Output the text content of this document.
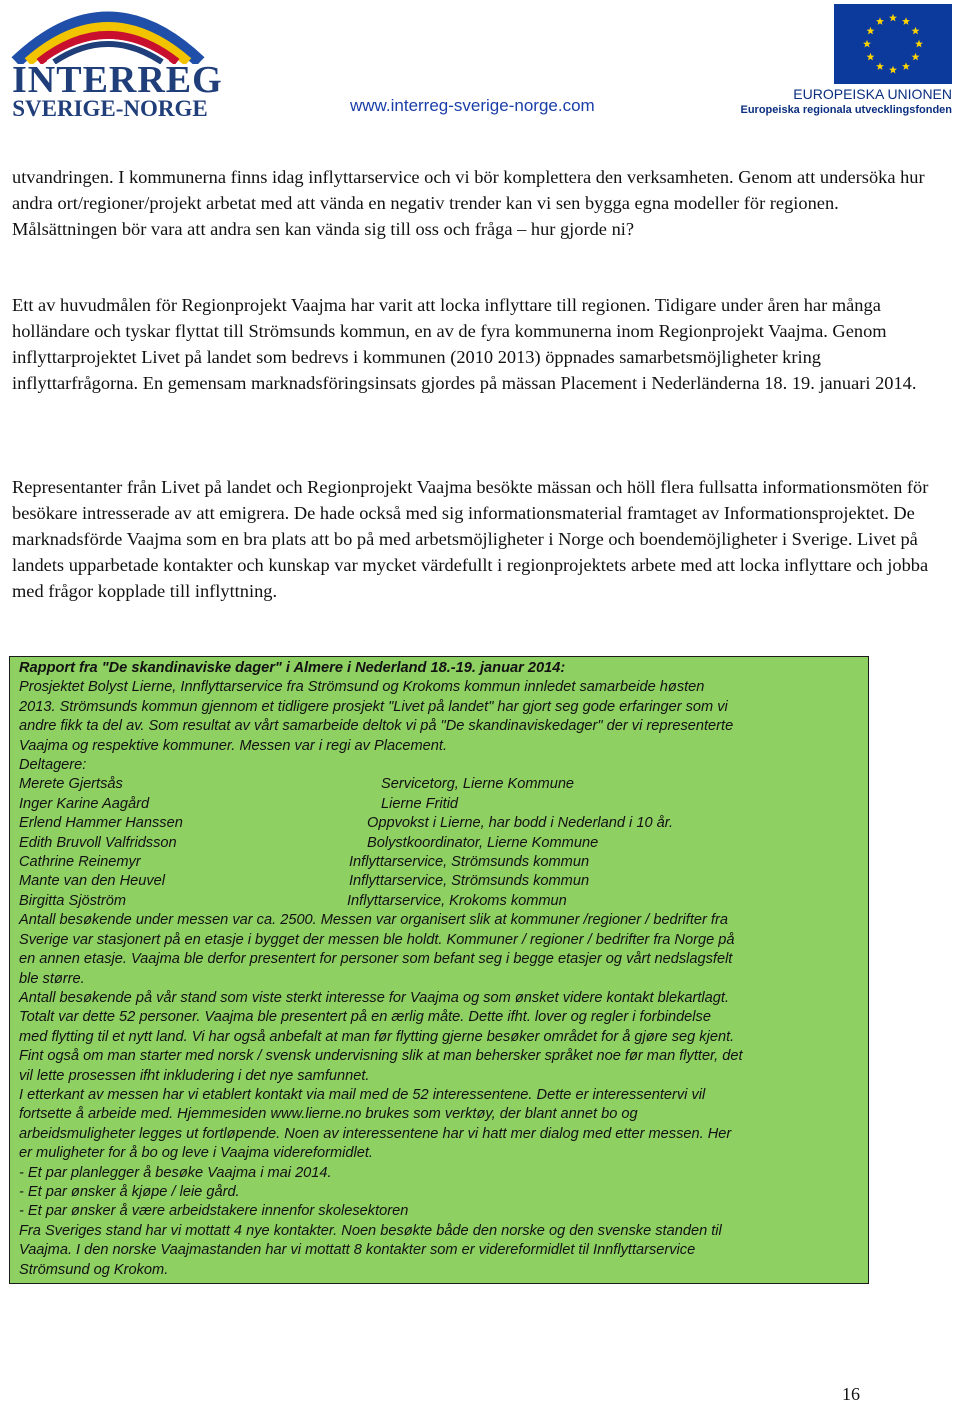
INTERREG
SVERIGE-NORGE	www.interreg-sverige-norge.com
EUROPEISKA UNIONEN
Europeiska regionala utvecklingsfonden

utvandringen. I kommunerna finns idag inflyttarservice och vi bör komplettera den verksamheten. Genom att undersöka hur andra ort/regioner/projekt arbetat med att vända en negativ trender kan vi sen bygga egna modeller för regionen. Målsättningen bör vara att andra sen kan vända sig till oss och fråga – hur gjorde ni?

Ett av huvudmålen för Regionprojekt Vaajma har varit att locka inflyttare till regionen. Tidigare under åren har många holländare och tyskar flyttat till Strömsunds kommun, en av de fyra kommunerna inom Regionprojekt Vaajma. Genom inflyttarprojektet Livet på landet som bedrevs i kommunen (2010 2013) öppnades samarbetsmöjligheter kring inflyttarfrågorna. En gemensam marknadsföringsinsats gjordes på mässan Placement i Nederländerna 18. 19. januari 2014.

Representanter från Livet på landet och Regionprojekt Vaajma besökte mässan och höll flera fullsatta informationsmöten för besökare intresserade av att emigrera. De hade också med sig informationsmaterial framtaget av Informationsprojektet. De marknadsförde Vaajma som en bra plats att bo på med arbetsmöjligheter i Norge och boendemöjligheter i Sverige. Livet på landets upparbetade kontakter och kunskap var mycket värdefullt i regionprojektets arbete med att locka inflyttare och jobba med frågor kopplade till inflyttning.

Rapport fra "De skandinaviske dager" i Almere i Nederland 18.-19. januar 2014:
Prosjektet Bolyst Lierne, Innflyttarservice fra Strömsund og Krokoms kommun innledet samarbeide høsten
2013. Strömsunds kommun gjennom et tidligere prosjekt "Livet på landet" har gjort seg gode erfaringer som vi
andre fikk ta del av. Som resultat av vårt samarbeide deltok vi på "De skandinaviskedager" der vi representerte
Vaajma og respektive kommuner. Messen var i regi av Placement.
Deltagere:
Merete Gjertsås	Servicetorg, Lierne Kommune
Inger Karine Aagård	Lierne Fritid
Erlend Hammer Hanssen	Oppvokst i Lierne, har bodd i Nederland i 10 år.
Edith Bruvoll Valfridsson	Bolystkoordinator, Lierne Kommune
Cathrine Reinemyr	Inflyttarservice, Strömsunds kommun
Mante van den Heuvel	Inflyttarservice, Strömsunds kommun
Birgitta Sjöström	Inflyttarservice, Krokoms kommun
Antall besøkende under messen var ca. 2500. Messen var organisert slik at kommuner /regioner / bedrifter fra
Sverige var stasjonert på en etasje i bygget der messen ble holdt. Kommuner / regioner / bedrifter fra Norge på
en annen etasje. Vaajma ble derfor presentert for personer som befant seg i begge etasjer og vårt nedslagsfelt
ble større.
Antall besøkende på vår stand som viste sterkt interesse for Vaajma og som ønsket videre kontakt blekartlagt.
Totalt var dette 52 personer. Vaajma ble presentert på en ærlig måte. Dette ifht. lover og regler i forbindelse
med flytting til et nytt land. Vi har også anbefalt at man før flytting gjerne besøker området for å gjøre seg kjent.
Fint også om man starter med norsk / svensk undervisning slik at man behersker språket noe før man flytter, det
vil lette prosessen ifht inkludering i det nye samfunnet.
I etterkant av messen har vi etablert kontakt via mail med de 52 interessentene. Dette er interessentervi vil
fortsette å arbeide med. Hjemmesiden www.lierne.no brukes som verktøy, der blant annet bo og
arbeidsmuligheter legges ut fortløpende. Noen av interessentene har vi hatt mer dialog med etter messen. Her
er muligheter for å bo og leve i Vaajma videreformidlet.
- Et par planlegger å besøke Vaajma i mai 2014.
- Et par ønsker å kjøpe / leie gård.
- Et par ønsker å være arbeidstakere innenfor skolesektoren
Fra Sveriges stand har vi mottatt 4 nye kontakter. Noen besøkte både den norske og den svenske standen til
Vaajma. I den norske Vaajmastanden har vi mottatt 8 kontakter som er videreformidlet til Innflyttarservice
Strömsund og Krokom.
16
